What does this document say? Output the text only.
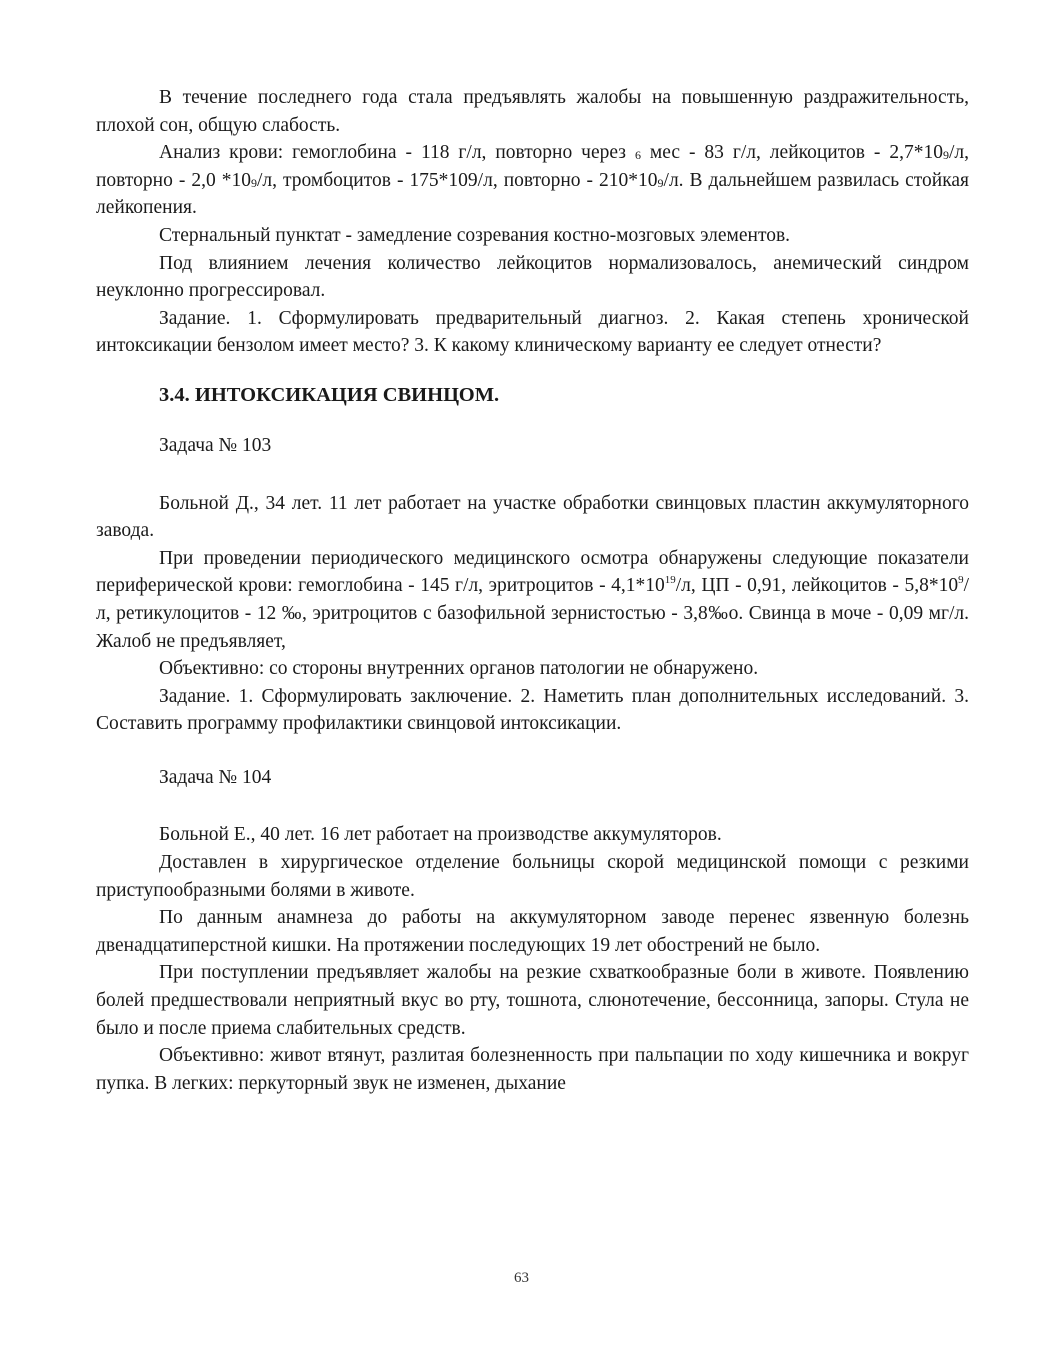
В течение последнего года стала предъявлять жалобы на повышенную раздражительность, плохой сон, общую слабость.

Анализ крови: гемоглобина - 118 г/л, повторно через $_6$ мес - 83 г/л, лейкоцитов - $2,7*10_9/л$, повторно - 2,0 $*10_9/л$, тромбоцитов - 175*109/л, повторно - $210*10_9/л$. В дальнейшем развилась стойкая лейкопения.

Стернальный пунктат - замедление созревания костно-мозговых элементов.

Под влиянием лечения количество лейкоцитов нормализовалось, анемический синдром неуклонно прогрессировал.

Задание. 1. Сформулировать предварительный диагноз. 2. Какая степень хронической интоксикации бензолом имеет место? 3. К какому клиническому варианту ее следует отнести?

3.4. ИНТОКСИКАЦИЯ СВИНЦОМ.
Задача № 103

Больной Д., 34 лет. 11 лет работает на участке обработки свинцовых пластин аккумуляторного завода.

При проведении периодического медицинского осмотра обнаружены следующие показатели периферической крови: гемоглобина - 145 г/л, эритроцитов - $4,1*10^{19}/л$, ЦП - 0,91, лейкоцитов - $5,8*10^9/л$, ретикулоцитов - 12 ‰, эритроцитов с базофильной зернистостью - 3,8‰о. Свинца в моче - 0,09 мг/л. Жалоб не предъявляет,

Объективно: со стороны внутренних органов патологии не обнаружено.

Задание. 1. Сформулировать заключение. 2. Наметить план дополнительных исследований. 3. Составить программу профилактики свинцовой интоксикации.

Задача № 104

Больной Е., 40 лет. 16 лет работает на производстве аккумуляторов.

Доставлен в хирургическое отделение больницы скорой медицинской помощи с резкими приступообразными болями в животе.

По данным анамнеза до работы на аккумуляторном заводе перенес язвенную болезнь двенадцатиперстной кишки. На протяжении последующих 19 лет обострений не было.

При поступлении предъявляет жалобы на резкие схваткообразные боли в животе. Появлению болей предшествовали неприятный вкус во рту, тошнота, слюнотечение, бессонница, запоры. Стула не было и после приема слабительных средств.

Объективно: живот втянут, разлитая болезненность при пальпации по ходу кишечника и вокруг пупка. В легких: перкуторный звук не изменен, дыхание

63
